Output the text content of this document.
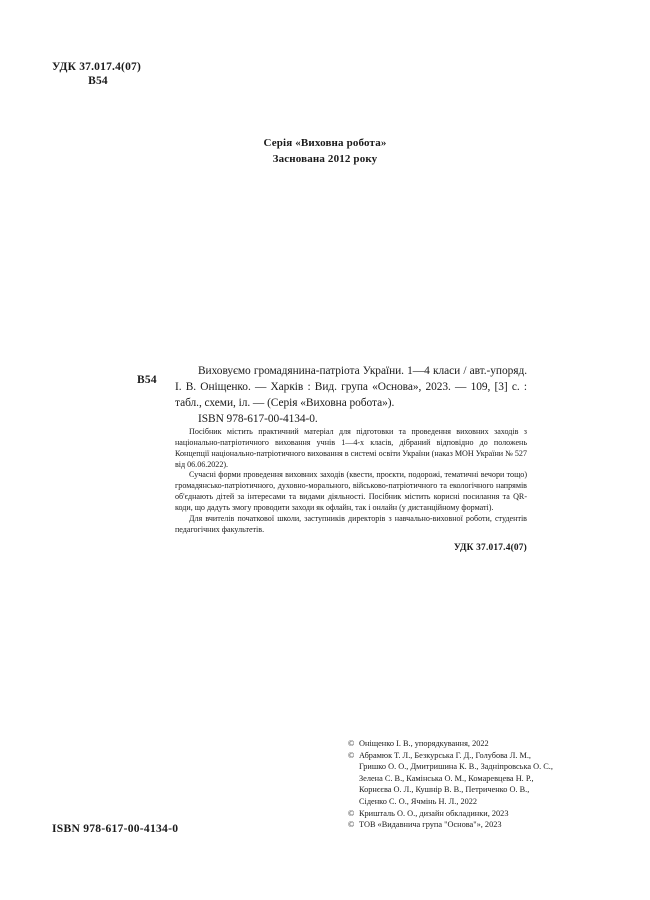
УДК 37.017.4(07)
В54
Серія «Виховна робота»
Заснована 2012 року
В54

Виховуємо громадянина-патріота України. 1—4 класи / авт.-упоряд. І. В. Оніщенко. — Харків : Вид. група «Основа», 2023. — 109, [3] с. : табл., схеми, іл. — (Серія «Виховна робота»).

ISBN 978-617-00-4134-0.

Посібник містить практичний матеріал для підготовки та проведення виховних заходів з національно-патріотичного виховання учнів 1—4-х класів, дібраний відповідно до положень Концепції національно-патріотичного виховання в системі освіти України (наказ МОН України № 527 від 06.06.2022).

Сучасні форми проведення виховних заходів (квести, проєкти, подорожі, тематичні вечори тощо) громадянсько-патріотичного, духовно-морального, військово-патріотичного та екологічного напрямів об'єднають дітей за інтересами та видами діяльності. Посібник містить корисні посилання та QR-коди, що дадуть змогу проводити заходи як офлайн, так і онлайн (у дистанційному форматі).

Для вчителів початкової школи, заступників директорів з навчально-виховної роботи, студентів педагогічних факультетів.

УДК 37.017.4(07)
© Оніщенко І. В., упорядкування, 2022
© Абрамюк Т. Л., Безкурська Г. Д., Голубова Л. М.,
Гришко О. О., Дмитришина К. В., Задніпровська О. С.,
Зелена С. В., Камінська О. М., Комаревцева Н. Р.,
Корнєєва О. Л., Кушнір В. В., Петриченко О. В.,
Сіденко С. О., Ячмінь Н. Л., 2022
© Кришталь О. О., дизайн обкладинки, 2023
© ТОВ «Видавнича група "Основа"», 2023
ISBN 978-617-00-4134-0
